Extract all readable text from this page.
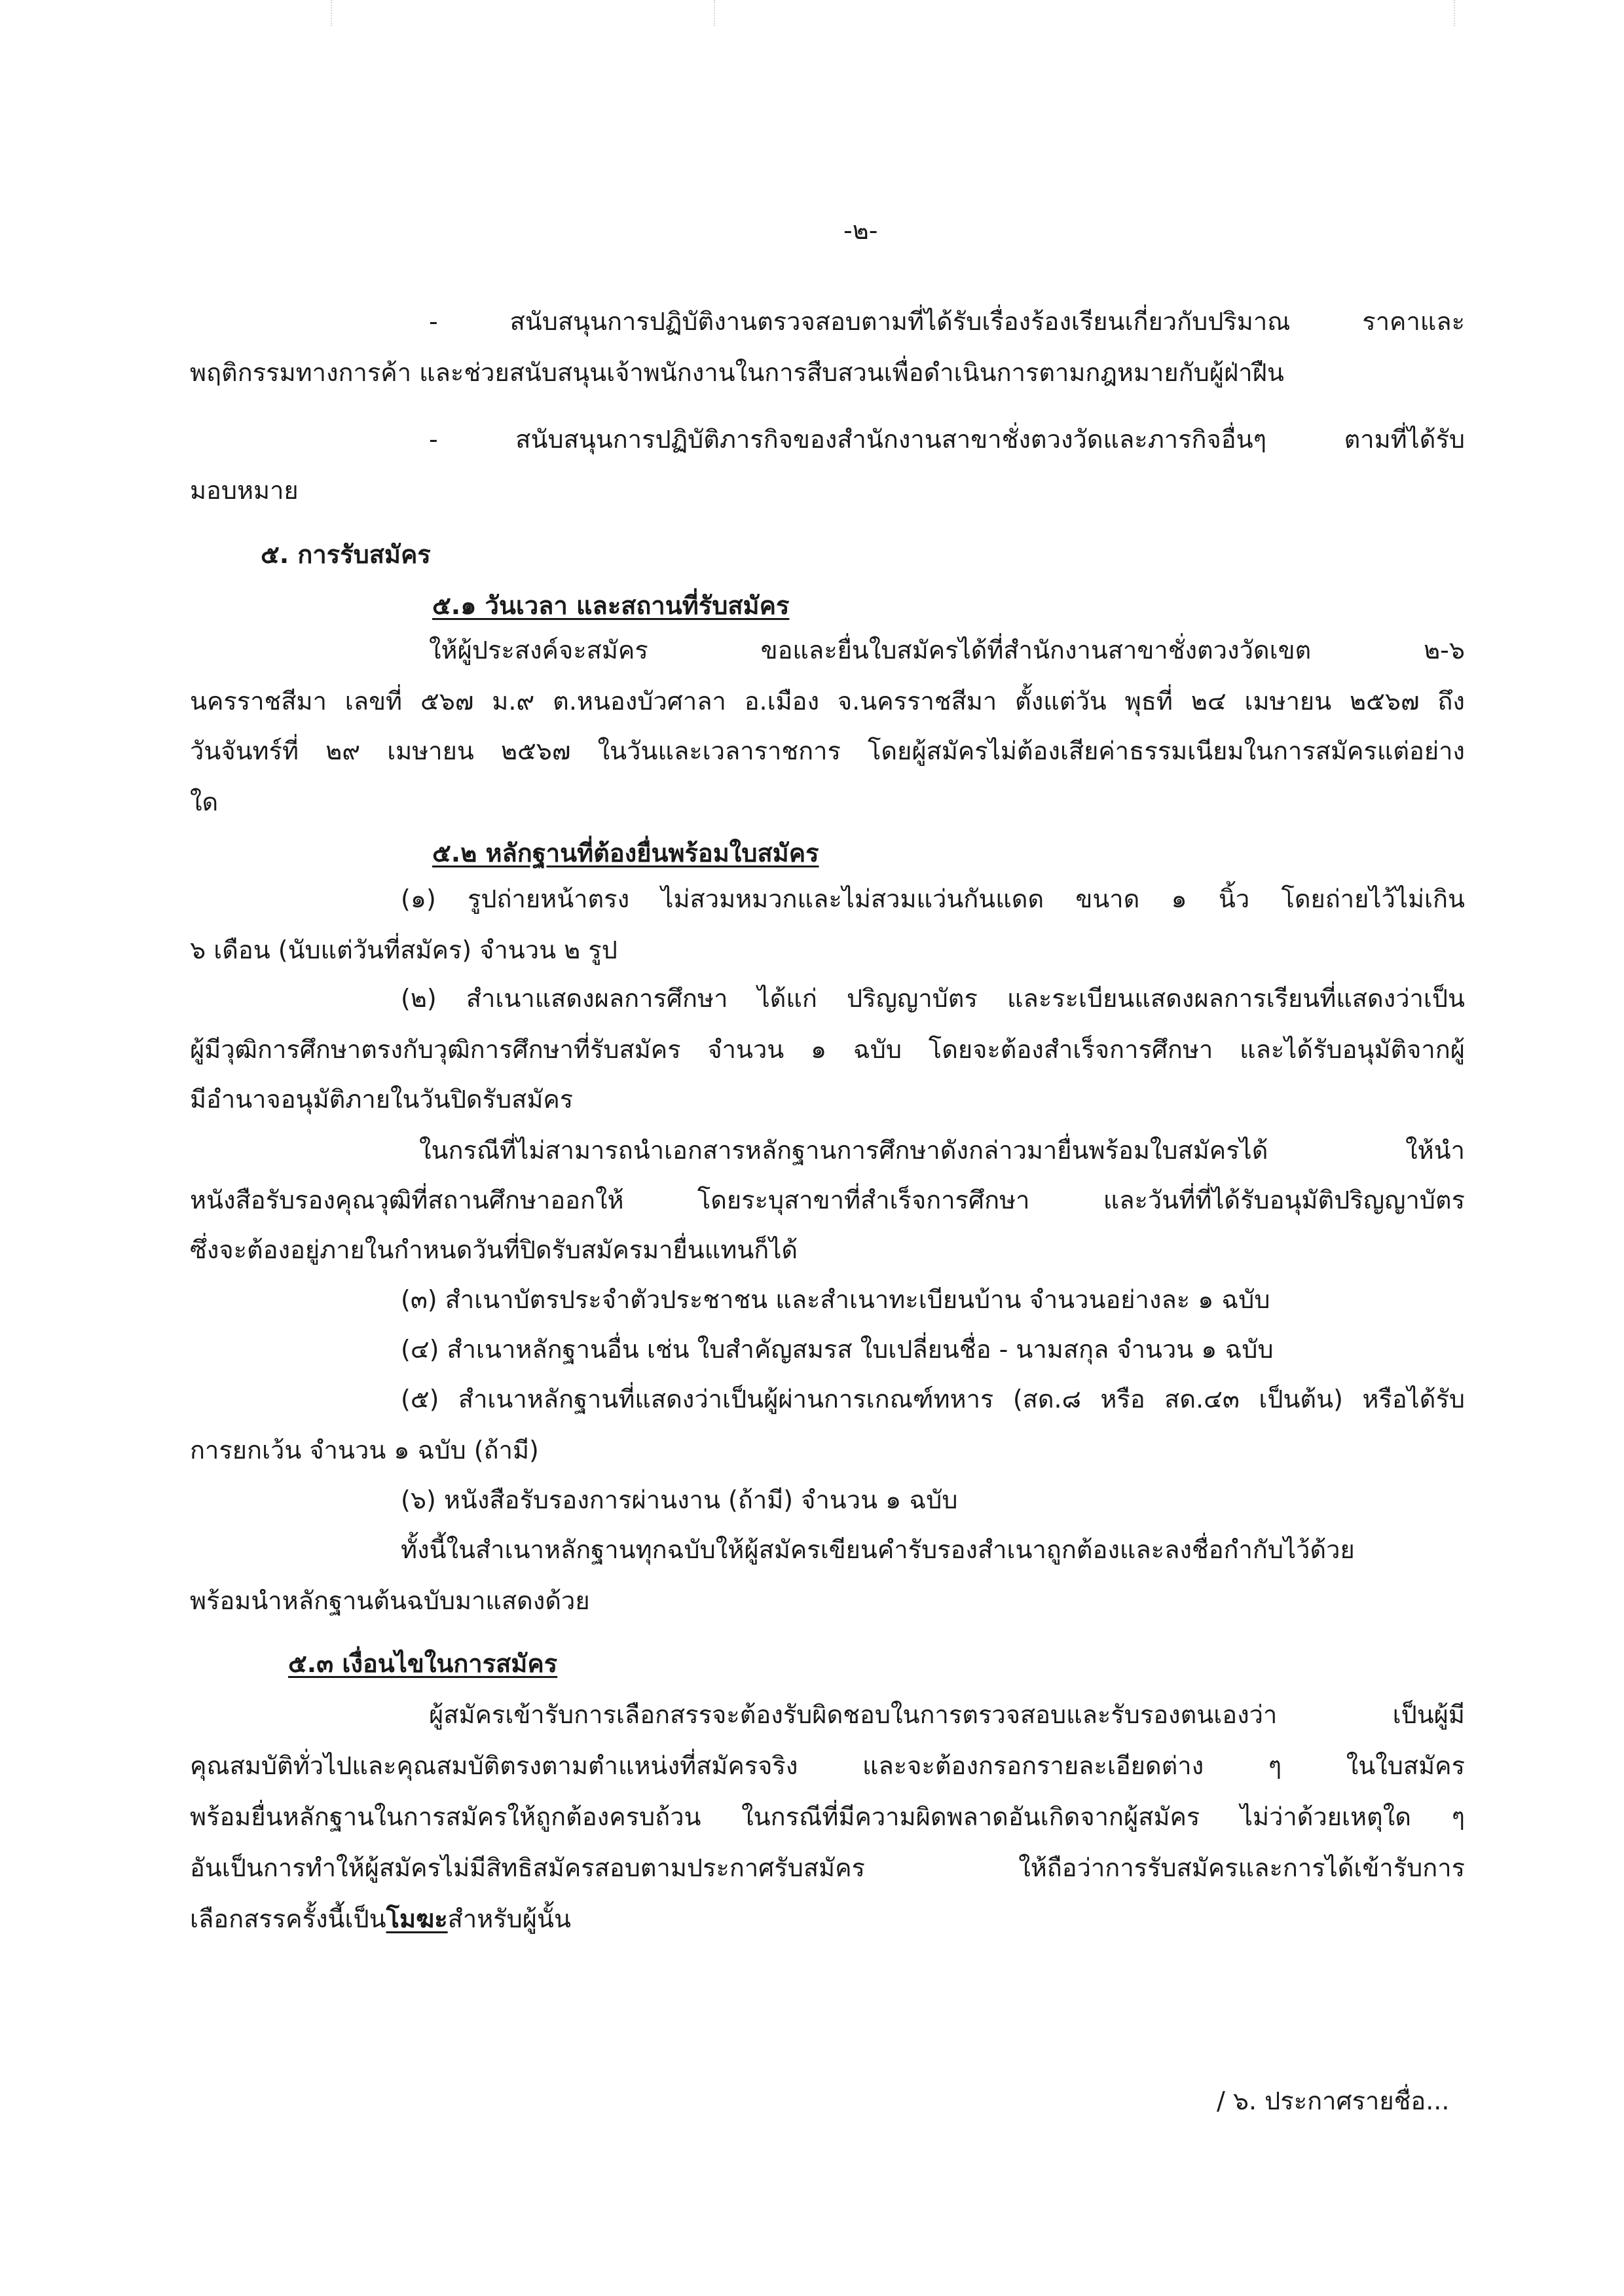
-๒-
- สนับสนุนการปฏิบัติงานตรวจสอบตามที่ได้รับเรื่องร้องเรียนเกี่ยวกับปริมาณ ราคาและ
พฤติกรรมทางการค้า และช่วยสนับสนุนเจ้าพนักงานในการสืบสวนเพื่อดำเนินการตามกฎหมายกับผู้ฝ่าฝืน
- สนับสนุนการปฏิบัติภารกิจของสำนักงานสาขาชั่งตวงวัดและภารกิจอื่นๆ ตามที่ได้รับ
มอบหมาย
๕. การรับสมัคร
๕.๑ วันเวลา และสถานที่รับสมัคร
ให้ผู้ประสงค์จะสมัคร ขอและยื่นใบสมัครได้ที่สำนักงานสาขาชั่งตวงวัดเขต ๒-๖
นครราชสีมา เลขที่ ๕๖๗ ม.๙ ต.หนองบัวศาลา อ.เมือง จ.นครราชสีมา ตั้งแต่วัน พุธที่ ๒๔ เมษายน ๒๕๖๗ ถึง
วันจันทร์ที่ ๒๙ เมษายน ๒๕๖๗ ในวันและเวลาราชการ โดยผู้สมัครไม่ต้องเสียค่าธรรมเนียมในการสมัครแต่อย่าง
ใด
๕.๒ หลักฐานที่ต้องยื่นพร้อมใบสมัคร
(๑) รูปถ่ายหน้าตรง ไม่สวมหมวกและไม่สวมแว่นกันแดด ขนาด ๑ นิ้ว โดยถ่ายไว้ไม่เกิน
๖ เดือน (นับแต่วันที่สมัคร) จำนวน ๒ รูป
(๒) สำเนาแสดงผลการศึกษา ได้แก่ ปริญญาบัตร และระเบียนแสดงผลการเรียนที่แสดงว่าเป็น
ผู้มีวุฒิการศึกษาตรงกับวุฒิการศึกษาที่รับสมัคร จำนวน ๑ ฉบับ โดยจะต้องสำเร็จการศึกษา และได้รับอนุมัติจากผู้
มีอำนาจอนุมัติภายในวันปิดรับสมัคร
ในกรณีที่ไม่สามารถนำเอกสารหลักฐานการศึกษาดังกล่าวมายื่นพร้อมใบสมัครได้ ให้นำ
หนังสือรับรองคุณวุฒิที่สถานศึกษาออกให้ โดยระบุสาขาที่สำเร็จการศึกษา และวันที่ที่ได้รับอนุมัติปริญญาบัตร
ซึ่งจะต้องอยู่ภายในกำหนดวันที่ปิดรับสมัครมายื่นแทนก็ได้
(๓) สำเนาบัตรประจำตัวประชาชน และสำเนาทะเบียนบ้าน จำนวนอย่างละ ๑ ฉบับ
(๔) สำเนาหลักฐานอื่น เช่น ใบสำคัญสมรส ใบเปลี่ยนชื่อ - นามสกุล จำนวน ๑ ฉบับ
(๕) สำเนาหลักฐานที่แสดงว่าเป็นผู้ผ่านการเกณฑ์ทหาร (สด.๘ หรือ สด.๔๓ เป็นต้น) หรือได้รับ
การยกเว้น จำนวน ๑ ฉบับ (ถ้ามี)
(๖) หนังสือรับรองการผ่านงาน (ถ้ามี) จำนวน ๑ ฉบับ
ทั้งนี้ในสำเนาหลักฐานทุกฉบับให้ผู้สมัครเขียนคำรับรองสำเนาถูกต้องและลงชื่อกำกับไว้ด้วย
พร้อมนำหลักฐานต้นฉบับมาแสดงด้วย
๕.๓ เงื่อนไขในการสมัคร
ผู้สมัครเข้ารับการเลือกสรรจะต้องรับผิดชอบในการตรวจสอบและรับรองตนเองว่า เป็นผู้มี
คุณสมบัติทั่วไปและคุณสมบัติตรงตามตำแหน่งที่สมัครจริง และจะต้องกรอกรายละเอียดต่าง ๆ ในใบสมัคร
พร้อมยื่นหลักฐานในการสมัครให้ถูกต้องครบถ้วน ในกรณีที่มีความผิดพลาดอันเกิดจากผู้สมัคร ไม่ว่าด้วยเหตุใด ๆ
อันเป็นการทำให้ผู้สมัครไม่มีสิทธิสมัครสอบตามประกาศรับสมัคร ให้ถือว่าการรับสมัครและการได้เข้ารับการ
เลือกสรรครั้งนี้เป็นโมฆะสำหรับผู้นั้น
/ ๖. ประกาศรายชื่อ...
